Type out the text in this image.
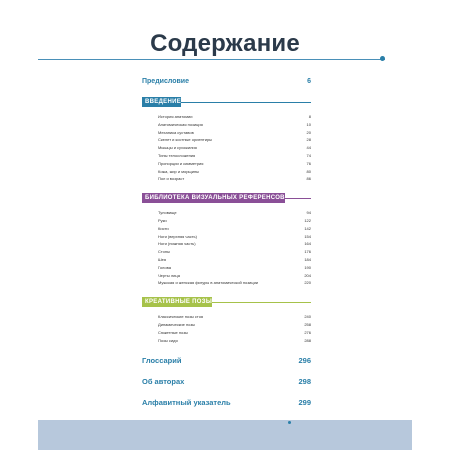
Содержание
Предисловие	6
ВВЕДЕНИЕ
История анатомии	8
Анатомическая позиция	10
Механика суставов	20
Скелет и костные ориентиры	28
Мышцы и сухожилия	44
Типы телосложения	74
Пропорции и симметрия	76
Кожа, жир и морщины	80
Пол и возраст	86
БИБЛИОТЕКА ВИЗУАЛЬНЫХ РЕФЕРЕНСОВ
Туловище	94
Руки	122
Кисти	142
Ноги (верхняя часть)	154
Ноги (нижняя часть)	164
Стопы	176
Шея	184
Голова	190
Черты лица	204
Мужская и женская фигуры в анатомической позиции	220
КРЕАТИВНЫЕ ПОЗЫ
Классические позы стоя	240
Динамические позы	258
Сюжетные позы	276
Позы сидя	288
Глоссарий	296
Об авторах	298
Алфавитный указатель	299
